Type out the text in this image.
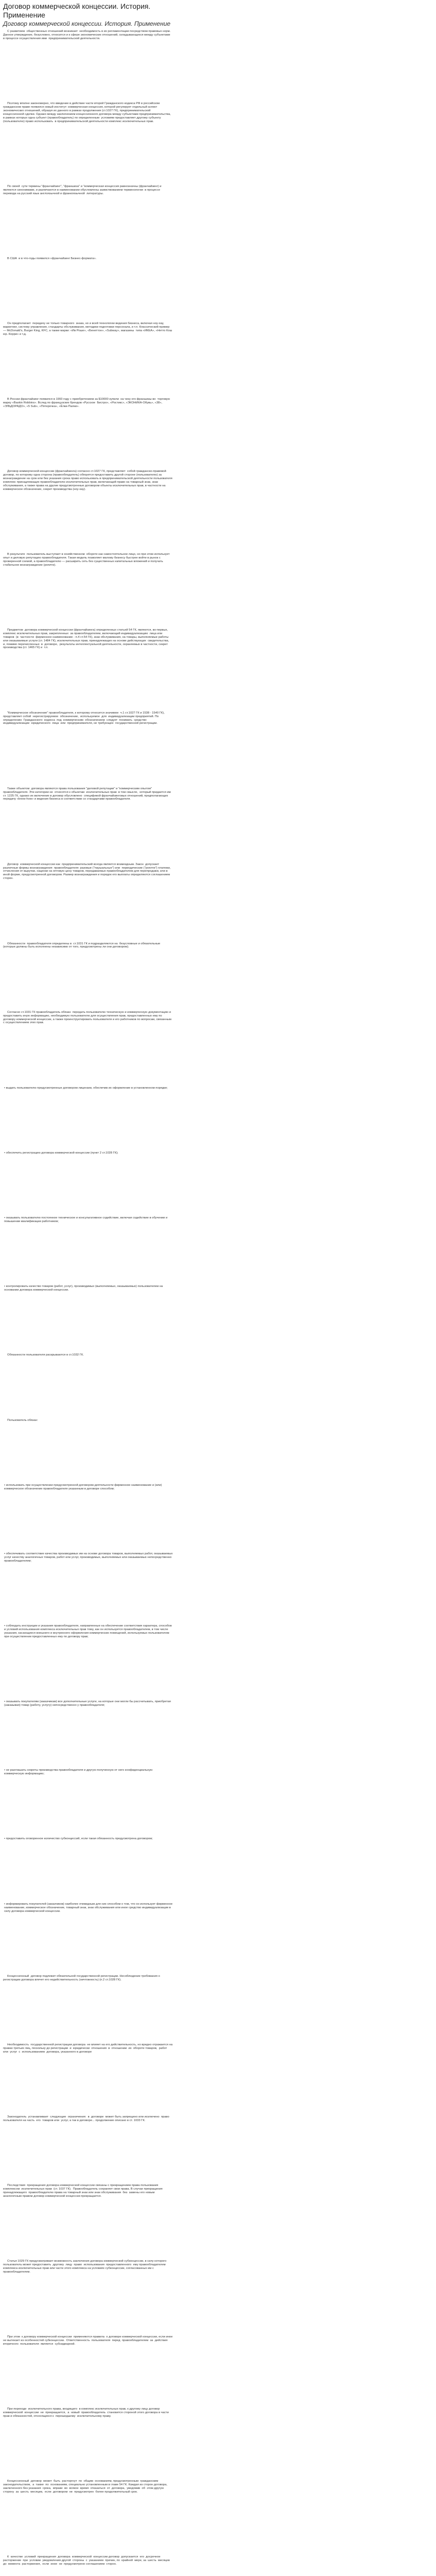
Договор коммерческой концессии. История. Применение
Договор коммерческой концессии. История. Применение

С развитием  общественных отношений возникает  необходимость в их регламентации посредством правовых норм. Данное утверждение, безусловно, относится и к сфере экономических отношений, складывающихся между субъектами  в процессе осуществления ими  предпринимательской деятельности.

Поэтому вполне закономерно, что введение в действие части второй Гражданского кодекса РФ в российском гражданском праве появился новый институт: коммерческая концессия, которой регулирует отдельный аспект  экономических отношений, образуя их данного в рамках продолжения (ст.1027 ГК), предпринимательской  концессионной сделки. Однако между заключением концессионного договора между субъектами предпринимательства, в рамках которых одна субъект (правообладатель) по определенным  условиям предоставляет другому субъекту (пользователю) право использовать  в предпринимательской деятельности комплекс исключительных прав.

По своей  сути термины "франчайзинг", "франшиза" и "коммерческая концессия равнозначны (франчайзинг) и являются синонимами, и различаются в наименовании обусловлены заимствованием терминологии  в процессе перевода на русский язык англоязычной и франкоязычной  литературы.

В США  и в что-годы появился «франчайзинг Бизнес-формата».

Он предполагает  передачу не только товарного  знака, но и всей технологии ведения бизнеса, включая ноу-хау,  маркетинг, систему управления, стандарты обслуживания, методики подготовки персонала, и т.п. Классический пример — McDonald's, Burger King, KFC, а также марки: «Ив Роше», «Бенеттон», «Subway», магазины  типа «ИКЕА», «Нетто Кош юр. Корри» и т.д.

В России франчайзинг появился в 1993 году с приобретением за $10000 купили  на чеку его франшизы во  торговую марку «Baskin Robbins». Вслед по французских брендов «Русское  Бистро», «Ростикс», «ЭКОНИКА-Обувь», «38», «ЭЛЬДОРАДО», «5 Sub», «Пятерочка», «Ёлки-Палки».

Договор коммерческой концессии (франчайзинга) согласно ст.1027 ГК, представляет  собой гражданско-правовой договор, по которому одна сторона (правообладатель) обязуется предоставить другой стороне (пользователю) за вознаграждение на срок или без указания срока право использовать в предпринимательской деятельности пользователя комплекс принадлежащих правообладателю исключительных прав, включающий право на товарный знак, знак обслуживания, а также права на другие предусмотренные договором объекты исключительных прав, в частности на коммерческое обозначение, секрет производства (ноу-хау).

В результате  пользователь выступает в хозяйственном  обороте как самостоятельное лицо, но при этом использует опыт и деловую репутацию правообладателя. Такая модель позволяет малому бизнесу быстрее войти в рынок с проверенной схемой, а правообладателю — расширить сеть без существенных капитальных вложений и получать стабильное вознаграждение (роялти).

Предметом  договора коммерческой концессии (франчайзинга) определенных статьей 54 ГК, являются, во-первых, комплекс исключительных прав, закрепленных  за правообладателем, включающий индивидуализацию  лица или  товаров  (в  частности  фирменное наименование - п.4 ст.54 ГК), знак обслуживания, на товары, выполняемые работы или оказываемые услуги (ст. 1484 ГК), исключительных прав, принадлежащих на основе действующих  свидетельства,  и, помимо перечисленных  в  договоре,  результаты интеллектуальной деятельности, охраняемых в частности, секрет производства (ст. 1465 ГК) и  т.п.

"Коммерческое обозначение" правообладателя, к которому относится значимое  ч.1 ст.1027 ГК и 1538 - 1540 ГК), представляет собой  нерегистрируемое  обозначение,  используемое  для  индивидуализации предприятий. По определению  Гражданского  кодекса  под  коммерческим  обозначением  следует  понимать  средство индивидуализации  юридического  лица  или  предпринимателя, не требующее  государственной регистрации.

Также объектом  договора являются права пользования "деловой репутации" и "коммерческим опытом" правообладателя. Эти категории не  относятся к объектам  исключительных прав  в том смысле,  который придается им  ст. 1225 ГК, однако их включение в договор обусловлено  спецификой франчайзинговых отношений, предполагающих  передачу «know-how» и ведения бизнеса в соответствии со стандартами правообладателя.

Договор  коммерческой концессии как  предпринимательский всегда является возмездным. Закон  допускает различные формы вознаграждения  правообладателя: разовые ("паушальные") или  периодические ("роялти") платежи, отчисления от выручки, наценки на оптовую цену товаров, передаваемых правообладателем для перепродажи, или в иной форме, предусмотренной договором. Размер вознаграждения и порядок его выплаты определяются соглашением сторон.

Обязанности  правообладателя определены в  ст.1031 ГК и подразделяются на  безусловные и обязательные  (которые должны быть исполнены независимо от того, предусмотрены ли они договором).

Согласно ст.1031 ГК правообладатель обязан  передать пользователю техническую и коммерческую документацию и предоставить иную информацию, необходимую пользователю для осуществления прав, предоставленных ему по договору коммерческой концессии, а также проинструктировать пользователя и его работников по вопросам, связанным с осуществлением этих прав.

• выдать пользователю предусмотренные договором лицензии, обеспечив их оформление в установленном порядке;

• обеспечить регистрацию договора коммерческой концессии (пункт 2 ст.1028 ГК);

• оказывать пользователю постоянное техническое и консультативное содействие, включая содействие в обучении и повышении квалификации работников;

• контролировать качество товаров (работ, услуг), производимых (выполняемых, оказываемых) пользователем на основании договора коммерческой концессии.

Обязанности пользователя раскрываются в ст.1032 ГК.

Пользователь обязан:

• использовать при осуществлении предусмотренной договором деятельности фирменное наименование и (или) коммерческое обозначение правообладателя указанным в договоре способом;

• обеспечивать соответствие качества производимых им на основе договора товаров, выполняемых работ, оказываемых услуг качеству аналогичных товаров, работ или услуг, производимых, выполняемых или оказываемых непосредственно правообладателем;

• соблюдать инструкции и указания правообладателя, направленные на обеспечение соответствия характера, способов и условий использования комплекса исключительных прав тому, как он используется правообладателем, в том числе указания, касающиеся внешнего и внутреннего оформления коммерческих помещений, используемых пользователем при осуществлении предоставленных ему по договору прав;

• оказывать покупателям (заказчикам) все дополнительные услуги, на которые они могли бы рассчитывать, приобретая (заказывая) товар (работу, услугу) непосредственно у правообладателя;

• не разглашать секреты производства правообладателя и другую полученную от него конфиденциальную коммерческую информацию;

• предоставить оговоренное количество субконцессий, если такая обязанность предусмотрена договором;

• информировать покупателей (заказчиков) наиболее очевидным для них способом о том, что он использует фирменное наименование, коммерческое обозначение, товарный знак, знак обслуживания или иное средство индивидуализации в силу договора коммерческой концессии.

Концессионный  договор подлежит обязательной государственной регистрации. Несоблюдение требования о регистрации договора влечет его недействительность (ничтожность) (п.2 ст.1028 ГК).

Необходимость  государственной регистрации договора  не влияет на его действительность, но вредно отражается на правах третьих лиц, поскольку до регистрации  и  юридически  отношения  в  отношении  их  обороте товаров,  работ  или  услуг  с  использованием  договора, указанного в договоре

Законодатель  устанавливает  следующие  ограничения:  в  договоре  может быть запрещено или исключено  право пользователя на часть  его  товаров или  услуг, а так в договоре... продолжение описано в ст. 1033 ГК.

Последствия  прекращения договора коммерческой концессии связаны с прекращением права пользования  комплексом  исключительных прав  (ст. 1037 ГК).  Правообладатель сохраняет свои права. В случае прекращения принадлежащего  правообладателю права на товарный знак или знак обслуживания  без  замены его новым аналогичным правом договор коммерческой концессии прекращается.

Статья 1029 ГК предусматривает возможность заключения договора коммерческой субконцессии, в силу которого пользователь может предоставить  другому  лицу  право  использования  предоставленного  ему правообладателем комплекса исключительных прав или части этого комплекса на условиях субконцессии, согласованных им с правообладателем.

При этом  к договору коммерческой концессии  применяются правила  о договоре коммерческой концессии, если иное не вытекает из особенностей субконцессии.  Ответственность  пользователя  перед  правообладателем  за  действия вторичного  пользователя  является  субсидиарной.

При переходе  исключительного права, входящего  в комплекс исключительных прав, к другому лицу договор  коммерческой  концессии  не  прекращается,  а  новый  правообладатель  становится стороной этого договора в части прав и обязанностей, относящихся к  перешедшему  исключительному праву.

Концессионный  договор  может  быть  расторгнут  по  общим  основаниям, предусмотренным  гражданским  законодательством,  а  также  по  основаниям, специально установленным в главе 54 ГК. Каждая из сторон договора, заключенного без указания  срока,  вправе  во  всякое  время  отказаться  от  договора,  уведомив  об  этом другую  сторону  за  шесть  месяцев,  если  договором  не  предусмотрен  более продолжительный срок.

К  качестве  условий  прекращения  договора  коммерческой  концессии договор  допускается  его  досрочное  расторжение  при  условии  уведомления другой  стороны  с  указанием  причин, по  крайней  мере, за  шесть  месяцев  до  момента  расторжения,  если  иное  не  предусмотрено соглашением  сторон.
